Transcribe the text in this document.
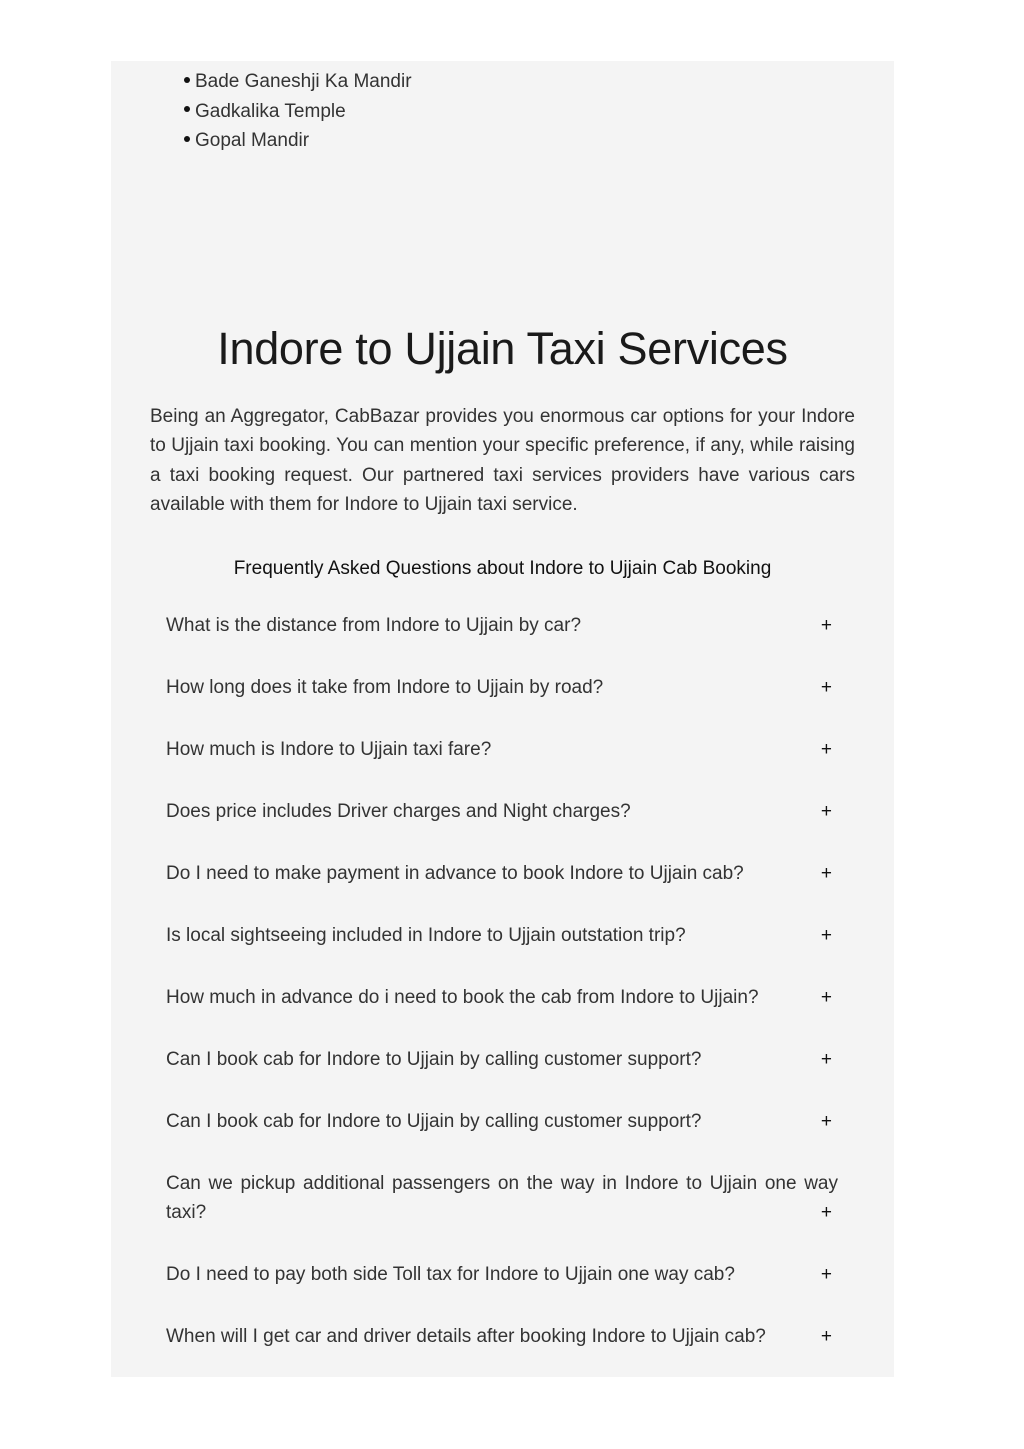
Bade Ganeshji Ka Mandir
Gadkalika Temple
Gopal Mandir
Indore to Ujjain Taxi Services

Being an Aggregator, CabBazar provides you enormous car options for your Indore to Ujjain taxi booking. You can mention your specific preference, if any, while raising a taxi booking request. Our partnered taxi services providers have various cars available with them for Indore to Ujjain taxi service.

Frequently Asked Questions about Indore to Ujjain Cab Booking
What is the distance from Indore to Ujjain by car?	+
How long does it take from Indore to Ujjain by road?	+
How much is Indore to Ujjain taxi fare?	+
Does price includes Driver charges and Night charges?	+
Do I need to make payment in advance to book Indore to Ujjain cab?	+
Is local sightseeing included in Indore to Ujjain outstation trip?	+
How much in advance do i need to book the cab from Indore to Ujjain?	+
Can I book cab for Indore to Ujjain by calling customer support?	+
Can I book cab for Indore to Ujjain by calling customer support?	+
Can we pickup additional passengers on the way in Indore to Ujjain one way taxi?	+
Do I need to pay both side Toll tax for Indore to Ujjain one way cab?	+
When will I get car and driver details after booking Indore to Ujjain cab?	+
